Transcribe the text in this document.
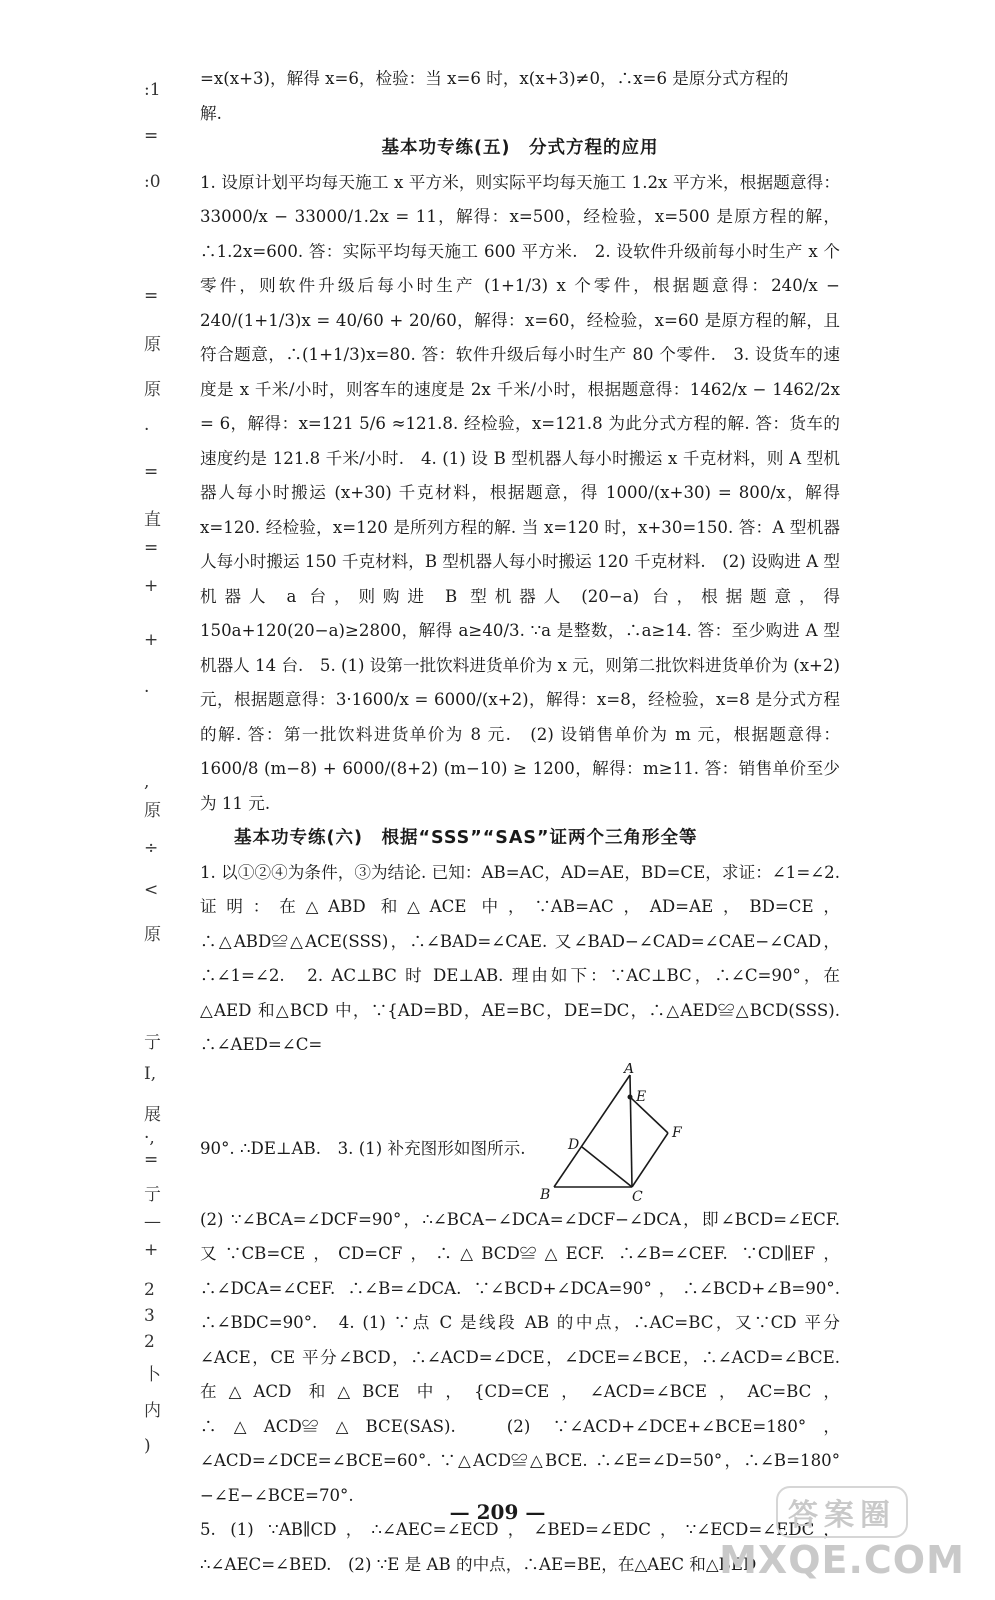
:1
=
:0
=
原
原
·
=
直
=
+
+
·
,
原
÷
<
原
亍
I,
展
·,
=
亍
—
+
2
3
2
卜
内
)

=x(x+3)，解得 x=6，检验：当 x=6 时，x(x+3)≠0，∴x=6 是原分式方程的

解.

基本功专练(五)　分式方程的应用

1. 设原计划平均每天施工 x 平方米，则实际平均每天施工 1.2x 平方米，根据题意得：33000/x − 33000/1.2x = 11，解得：x=500，经检验，x=500 是原方程的解，∴1.2x=600. 答：实际平均每天施工 600 平方米.　2. 设软件升级前每小时生产 x 个零件，则软件升级后每小时生产 (1+1/3) x 个零件，根据题意得：240/x − 240/(1+1/3)x = 40/60 + 20/60，解得：x=60，经检验，x=60 是原方程的解，且符合题意，∴(1+1/3)x=80. 答：软件升级后每小时生产 80 个零件.　3. 设货车的速度是 x 千米/小时，则客车的速度是 2x 千米/小时，根据题意得：1462/x − 1462/2x = 6，解得：x=121 5/6 ≈121.8. 经检验，x=121.8 为此分式方程的解. 答：货车的速度约是 121.8 千米/小时.　4. (1) 设 B 型机器人每小时搬运 x 千克材料，则 A 型机器人每小时搬运 (x+30) 千克材料，根据题意，得 1000/(x+30) = 800/x，解得 x=120. 经检验，x=120 是所列方程的解. 当 x=120 时，x+30=150. 答：A 型机器人每小时搬运 150 千克材料，B 型机器人每小时搬运 120 千克材料.　(2) 设购进 A 型机器人 a 台，则购进 B 型机器人 (20−a) 台，根据题意，得 150a+120(20−a)≥2800，解得 a≥40/3. ∵a 是整数，∴a≥14. 答：至少购进 A 型机器人 14 台.　5. (1) 设第一批饮料进货单价为 x 元，则第二批饮料进货单价为 (x+2) 元，根据题意得：3·1600/x = 6000/(x+2)，解得：x=8，经检验，x=8 是分式方程的解. 答：第一批饮料进货单价为 8 元.　(2) 设销售单价为 m 元，根据题意得：1600/8 (m−8) + 6000/(8+2) (m−10) ≥ 1200，解得：m≥11. 答：销售单价至少为 11 元.

基本功专练(六)　根据“SSS”“SAS”证两个三角形全等

1. 以①②④为条件，③为结论. 已知：AB=AC，AD=AE，BD=CE，求证：∠1=∠2. 证明：在△ABD 和△ACE 中，∵AB=AC，AD=AE，BD=CE，∴△ABD≌△ACE(SSS)，∴∠BAD=∠CAE. 又∠BAD−∠CAD=∠CAE−∠CAD，∴∠1=∠2.　2. AC⊥BC 时 DE⊥AB. 理由如下：∵AC⊥BC，∴∠C=90°，在△AED 和△BCD 中，∵{AD=BD，AE=BC，DE=DC，∴△AED≌△BCD(SSS). ∴∠AED=∠C=

90°. ∴DE⊥AB.　3. (1) 补充图形如图所示.
A
E
F
D
B	C

(2) ∵∠BCA=∠DCF=90°，∴∠BCA−∠DCA=∠DCF−∠DCA，即∠BCD=∠ECF. 又∵CB=CE，CD=CF，∴△BCD≌△ECF. ∴∠B=∠CEF. ∵CD∥EF，∴∠DCA=∠CEF. ∴∠B=∠DCA. ∵∠BCD+∠DCA=90°，∴∠BCD+∠B=90°. ∴∠BDC=90°.　4. (1) ∵点 C 是线段 AB 的中点，∴AC=BC，又∵CD 平分∠ACE，CE 平分∠BCD，∴∠ACD=∠DCE，∠DCE=∠BCE，∴∠ACD=∠BCE. 在△ACD 和△BCE 中，{CD=CE，∠ACD=∠BCE，AC=BC，∴△ACD≌△BCE(SAS).　(2) ∵∠ACD+∠DCE+∠BCE=180°，∠ACD=∠DCE=∠BCE=60°. ∵△ACD≌△BCE. ∴∠E=∠D=50°，∴∠B=180°−∠E−∠BCE=70°.

5. (1) ∵AB∥CD，∴∠AEC=∠ECD，∠BED=∠EDC，∵∠ECD=∠EDC，∴∠AEC=∠BED.　(2) ∵E 是 AB 的中点，∴AE=BE，在△AEC 和△BED

— 209 —	答案圈
MXQE.COM
